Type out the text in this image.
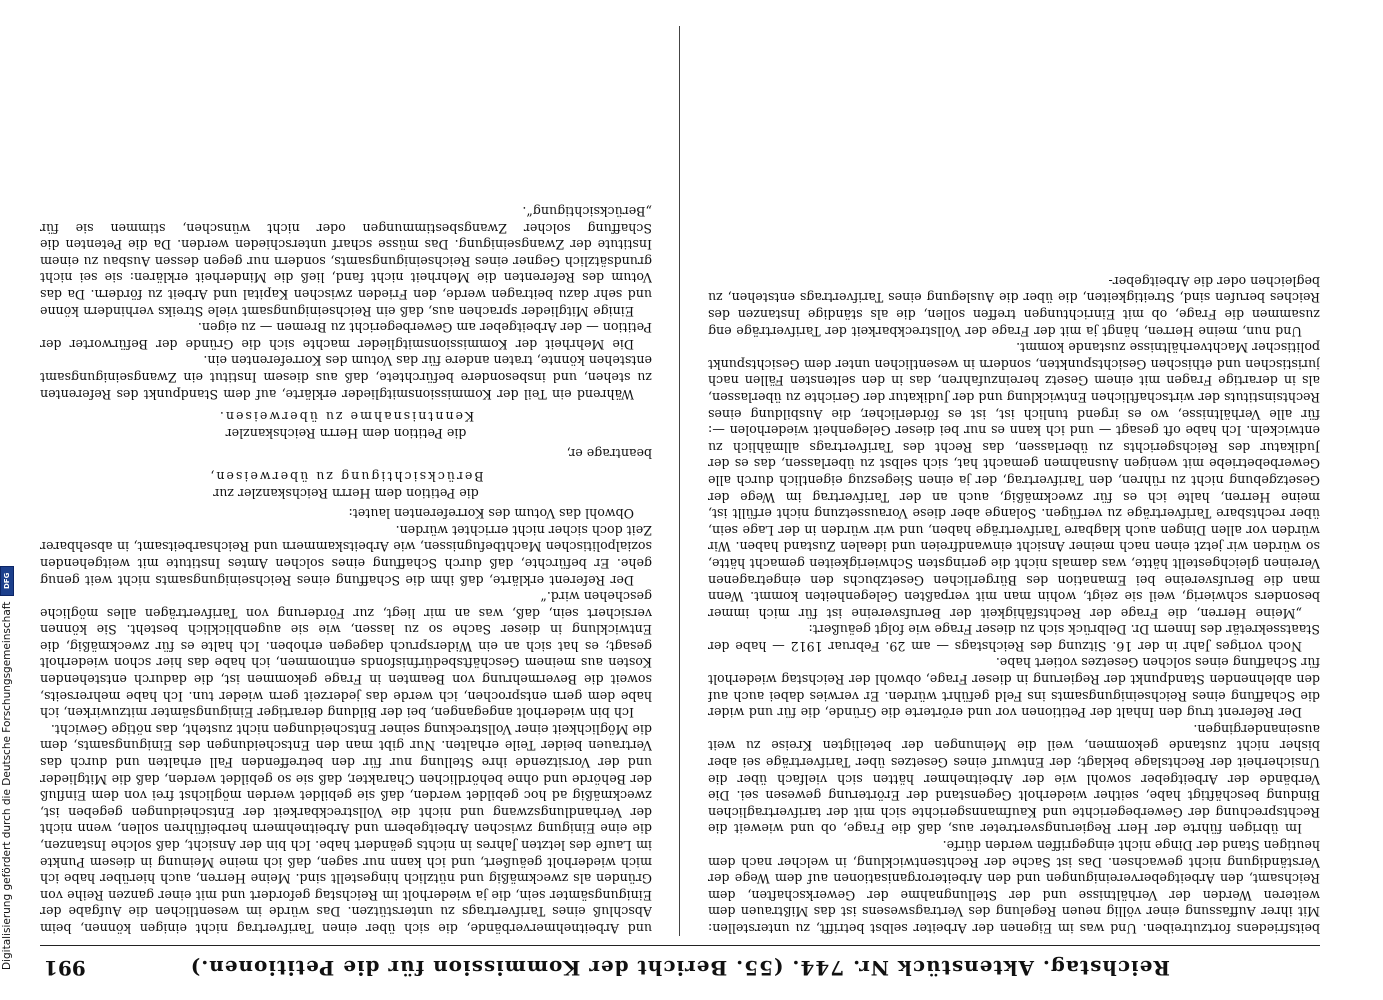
Reichstag. Aktenstück Nr. 744. (55. Bericht der Kommission für die Petitionen.)
991

beitsfriedens fortzutreiben. Und was im Eigenen der Arbeiter selbst betrifft, zu unterstellen: Mit ihrer Auffassung einer völlig neuen Regelung des Vertragswesens ist das Mißtrauen dem weiteren Werden der Verhältnisse und der Stellungnahme der Gewerkschaften, dem Reichsamt, den Arbeitgebervereinigungen und den Arbeiterorganisationen auf dem Wege der Verständigung nicht gewachsen. Das ist Sache der Rechtsentwicklung, in welcher nach dem heutigen Stand der Dinge nicht eingegriffen werden dürfe.

Im übrigen führte der Herr Regierungsvertreter aus, daß die Frage, ob und wieweit die Rechtsprechung der Gewerbegerichte und Kaufmannsgerichte sich mit der tarifvertraglichen Bindung beschäftigt habe, seither wiederholt Gegenstand der Erörterung gewesen sei. Die Verbände der Arbeitgeber sowohl wie der Arbeitnehmer hätten sich vielfach über die Unsicherheit der Rechtslage beklagt; der Entwurf eines Gesetzes über Tarifverträge sei aber bisher nicht zustande gekommen, weil die Meinungen der beteiligten Kreise zu weit auseinandergingen.

Der Referent trug den Inhalt der Petitionen vor und erörterte die Gründe, die für und wider die Schaffung eines Reichseinigungsamts ins Feld geführt würden. Er verwies dabei auch auf den ablehnenden Standpunkt der Regierung in dieser Frage, obwohl der Reichstag wiederholt für Schaffung eines solchen Gesetzes votiert habe.

Noch voriges Jahr in der 16. Sitzung des Reichstags — am 29. Februar 1912 — habe der Staatssekretär des Innern Dr. Delbrück sich zu dieser Frage wie folgt geäußert:

„Meine Herren, die Frage der Rechtsfähigkeit der Berufsvereine ist für mich immer besonders schwierig, weil sie zeigt, wohin man mit verpaßten Gelegenheiten kommt. Wenn man die Berufsvereine bei Emanation des Bürgerlichen Gesetzbuchs den eingetragenen Vereinen gleichgestellt hätte, was damals nicht die geringsten Schwierigkeiten gemacht hätte, so würden wir jetzt einen nach meiner Ansicht einwandfreien und idealen Zustand haben. Wir würden vor allen Dingen auch klagbare Tarifverträge haben, und wir würden in der Lage sein, über rechtsbare Tarifverträge zu verfügen. Solange aber diese Voraussetzung nicht erfüllt ist, meine Herren, halte ich es für zweckmäßig, auch an der Tarifvertrag im Wege der Gesetzgebung nicht zu rühren, den Tarifvertrag, der ja einen Siegeszug eigentlich durch alle Gewerbebetriebe mit wenigen Ausnahmen gemacht hat, sich selbst zu überlassen, das es der Judikatur des Reichsgerichts zu überlassen, das Recht des Tarifvertrags allmählich zu entwickeln. Ich habe oft gesagt — und ich kann es nur bei dieser Gelegenheit wiederholen —: für alle Verhältnisse, wo es irgend tunlich ist, ist es förderlicher, die Ausbildung eines Rechtsinstituts der wirtschaftlichen Entwicklung und der Judikatur der Gerichte zu überlassen, als in derartige Fragen mit einem Gesetz hereinzufahren, das in den seltensten Fällen nach juristischen und ethischen Gesichtspunkten, sondern in wesentlichen unter dem Gesichtspunkt politischer Machtverhältnisse zustande kommt.

Und nun, meine Herren, hängt ja mit der Frage der Vollstreckbarkeit der Tarifverträge eng zusammen die Frage, ob mit Einrichtungen treffen sollen, die als ständige Instanzen des Reiches berufen sind, Streitigkeiten, die über die Auslegung eines Tarifvertrags entstehen, zu begleichen oder die Arbeitgeber-

und Arbeitnehmerverbände, die sich über einen Tarifvertrag nicht einigen können, beim Abschluß eines Tarifvertrags zu unterstützen. Das würde im wesentlichen die Aufgabe der Einigungsämter sein, die ja wiederholt im Reichstag gefordert und mit einer ganzen Reihe von Gründen als zweckmäßig und nützlich hingestellt sind. Meine Herren, auch hierüber habe ich mich wiederholt geäußert, und ich kann nur sagen, daß ich meine Meinung in diesem Punkte im Laufe des letzten Jahres in nichts geändert habe. Ich bin der Ansicht, daß solche Instanzen, die eine Einigung zwischen Arbeitgebern und Arbeitnehmern herbeiführen sollen, wenn nicht der Verhandlungszwang und nicht die Vollstreckbarkeit der Entscheidungen gegeben ist, zweckmäßig ad hoc gebildet werden, daß sie gebildet werden möglichst frei von dem Einfluß der Behörde und ohne behördlichen Charakter, daß sie so gebildet werden, daß die Mitglieder und der Vorsitzende ihre Stellung nur für den betreffenden Fall erhalten und durch das Vertrauen beider Teile erhalten. Nur gibt man den Entscheidungen des Einigungsamts, dem die Möglichkeit einer Vollstreckung seiner Entscheidungen nicht zusteht, das nötige Gewicht.

Ich bin wiederholt angegangen, bei der Bildung derartiger Einigungsämter mitzuwirken, ich habe dem gern entsprochen, ich werde das jederzeit gern wieder tun. Ich habe mehrerseits, soweit die Bevermehrung von Beamten in Frage gekommen ist, die dadurch entstehenden Kosten aus meinem Geschäftsbedürfnisfonds entnommen, ich habe das hier schon wiederholt gesagt; es hat sich an ein Widerspruch dagegen erhoben. Ich halte es für zweckmäßig, die Entwicklung in dieser Sache so zu lassen, wie sie augenblicklich besteht. Sie können versichert sein, daß, was an mir liegt, zur Förderung von Tarifverträgen alles mögliche geschehen wird.“

Der Referent erklärte, daß ihm die Schaffung eines Reichseinigungsamts nicht weit genug gehe. Er befürchte, daß durch Schaffung eines solchen Amtes Institute mit weitgehenden sozialpolitischen Machtbefugnissen, wie Arbeitskammern und Reichsarbeitsamt, in absehbarer Zeit doch sicher nicht errichtet würden.

Obwohl das Votum des Korreferenten lautet:

die Petition dem Herrn Reichskanzler zur

Berücksichtigung zu überweisen,

beantrage er,

die Petition dem Herrn Reichskanzler

Kenntnisnahme zu überweisen.

Während ein Teil der Kommissionsmitglieder erklärte, auf dem Standpunkt des Referenten zu stehen, und insbesondere befürchtete, daß aus diesem Institut ein Zwangseinigungsamt entstehen könnte, traten andere für das Votum des Korreferenten ein.

Die Mehrheit der Kommissionsmitglieder machte sich die Gründe der Befürworter der Petition — der Arbeitgeber am Gewerbegericht zu Bremen — zu eigen.

Einige Mitglieder sprachen aus, daß ein Reichseinigungsamt viele Streiks verhindern könne und sehr dazu beitragen werde, den Frieden zwischen Kapital und Arbeit zu fördern. Da das Votum des Referenten die Mehrheit nicht fand, ließ die Minderheit erklären: sie sei nicht grundsätzlich Gegner eines Reichseinigungsamts, sondern nur gegen dessen Ausbau zu einem Institute der Zwangseinigung. Das müsse scharf unterschieden werden. Da die Petenten die Schaffung solcher Zwangsbestimmungen oder nicht wünschen, stimmen sie für „Berücksichtigung“.

Digitalisierung gefördert durch die Deutsche Forschungsgemeinschaft
DFG
